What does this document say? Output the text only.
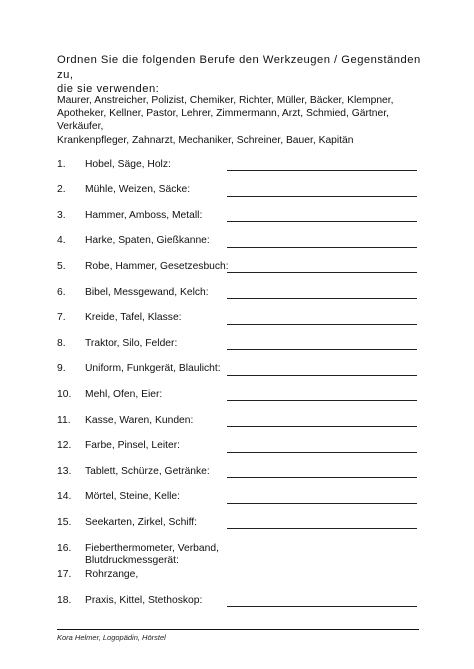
Ordnen Sie die folgenden Berufe den Werkzeugen / Gegenständen zu,
die sie verwenden:

Maurer, Anstreicher, Polizist, Chemiker, Richter, Müller, Bäcker, Klempner,
Apotheker, Kellner, Pastor, Lehrer, Zimmermann, Arzt, Schmied, Gärtner, Verkäufer,
Krankenpfleger, Zahnarzt, Mechaniker, Schreiner, Bauer, Kapitän

1. Hobel, Säge, Holz:
2. Mühle, Weizen, Säcke:
3. Hammer, Amboss, Metall:
4. Harke, Spaten, Gießkanne:
5. Robe, Hammer, Gesetzesbuch:
6. Bibel, Messgewand, Kelch:
7. Kreide, Tafel, Klasse:
8. Traktor, Silo, Felder:
9. Uniform, Funkgerät, Blaulicht:
10. Mehl, Ofen, Eier:
11. Kasse, Waren, Kunden:
12. Farbe, Pinsel, Leiter:
13. Tablett, Schürze, Getränke:
14. Mörtel, Steine, Kelle:
15. Seekarten, Zirkel, Schiff:
16. Fieberthermometer, Verband, Blutdruckmessgerät:
17. Rohrzange,
18. Praxis, Kittel, Stethoskop:
Kora Helmer, Logopädin, Hörstel
